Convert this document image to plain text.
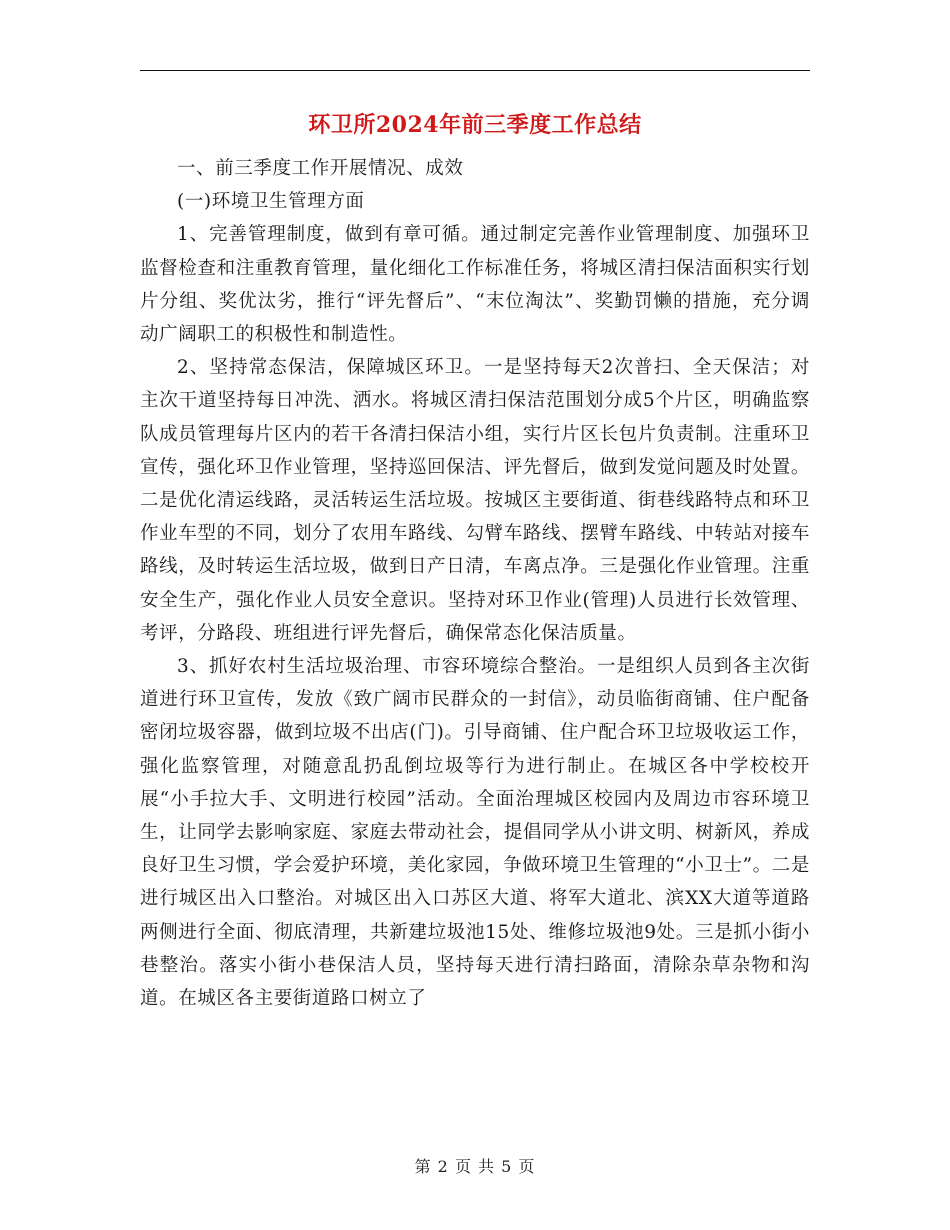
环卫所2024年前三季度工作总结

一、前三季度工作开展情况、成效

(一)环境卫生管理方面

1、完善管理制度，做到有章可循。通过制定完善作业管理制度、加强环卫监督检查和注重教育管理，量化细化工作标准任务，将城区清扫保洁面积实行划片分组、奖优汰劣，推行“评先督后”、“末位淘汰”、奖勤罚懒的措施，充分调动广阔职工的积极性和制造性。

2、坚持常态保洁，保障城区环卫。一是坚持每天2次普扫、全天保洁；对主次干道坚持每日冲洗、洒水。将城区清扫保洁范围划分成5个片区，明确监察队成员管理每片区内的若干各清扫保洁小组，实行片区长包片负责制。注重环卫宣传，强化环卫作业管理，坚持巡回保洁、评先督后，做到发觉问题及时处置。二是优化清运线路，灵活转运生活垃圾。按城区主要街道、街巷线路特点和环卫作业车型的不同，划分了农用车路线、勾臂车路线、摆臂车路线、中转站对接车路线，及时转运生活垃圾，做到日产日清，车离点净。三是强化作业管理。注重安全生产，强化作业人员安全意识。坚持对环卫作业(管理)人员进行长效管理、考评，分路段、班组进行评先督后，确保常态化保洁质量。

3、抓好农村生活垃圾治理、市容环境综合整治。一是组织人员到各主次街道进行环卫宣传，发放《致广阔市民群众的一封信》，动员临街商铺、住户配备密闭垃圾容器，做到垃圾不出店(门)。引导商铺、住户配合环卫垃圾收运工作，强化监察管理，对随意乱扔乱倒垃圾等行为进行制止。在城区各中学校校开展“小手拉大手、文明进行校园”活动。全面治理城区校园内及周边市容环境卫生，让同学去影响家庭、家庭去带动社会，提倡同学从小讲文明、树新风，养成良好卫生习惯，学会爱护环境，美化家园，争做环境卫生管理的“小卫士”。二是进行城区出入口整治。对城区出入口苏区大道、将军大道北、滨XX大道等道路两侧进行全面、彻底清理，共新建垃圾池15处、维修垃圾池9处。三是抓小街小巷整治。落实小街小巷保洁人员，坚持每天进行清扫路面，清除杂草杂物和沟道。在城区各主要街道路口树立了

第 2 页 共 5 页
